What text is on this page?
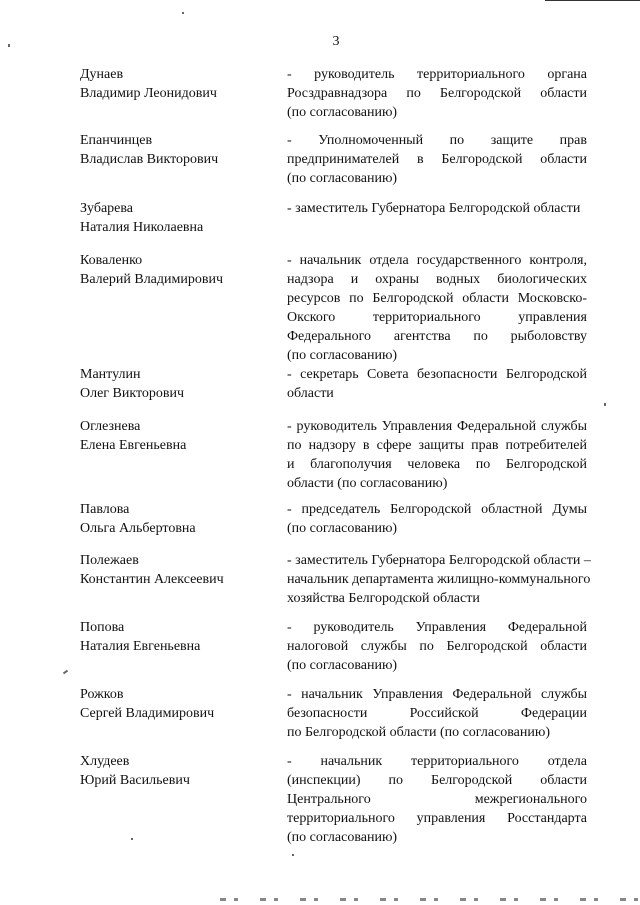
3
Дунаев
Владимир Леонидович
- руководитель территориального органа
Росздравнадзора по Белгородской области
(по согласованию)
Епанчинцев
Владислав Викторович
- Уполномоченный по защите прав
предпринимателей в Белгородской области
(по согласованию)
Зубарева
Наталия Николаевна
- заместитель Губернатора Белгородской области
Коваленко
Валерий Владимирович
- начальник отдела государственного контроля,
надзора и охраны водных биологических
ресурсов по Белгородской области Московско-
Окского территориального управления
Федерального агентства по рыболовству
(по согласованию)
Мантулин
Олег Викторович
- секретарь Совета безопасности Белгородской
области
Оглезнева
Елена Евгеньевна
- руководитель Управления Федеральной службы
по надзору в сфере защиты прав потребителей
и благополучия человека по Белгородской
области (по согласованию)
Павлова
Ольга Альбертовна
- председатель Белгородской областной Думы
(по согласованию)
Полежаев
Константин Алексеевич
- заместитель Губернатора Белгородской области –
начальник департамента жилищно-коммунального
хозяйства Белгородской области
Попова
Наталия Евгеньевна
- руководитель Управления Федеральной
налоговой службы по Белгородской области
(по согласованию)
Рожков
Сергей Владимирович
- начальник Управления Федеральной службы
безопасности Российской Федерации
по Белгородской области (по согласованию)
Хлудеев
Юрий Васильевич
- начальник территориального отдела
(инспекции) по Белгородской области
Центрального межрегионального
территориального управления Росстандарта
(по согласованию)
